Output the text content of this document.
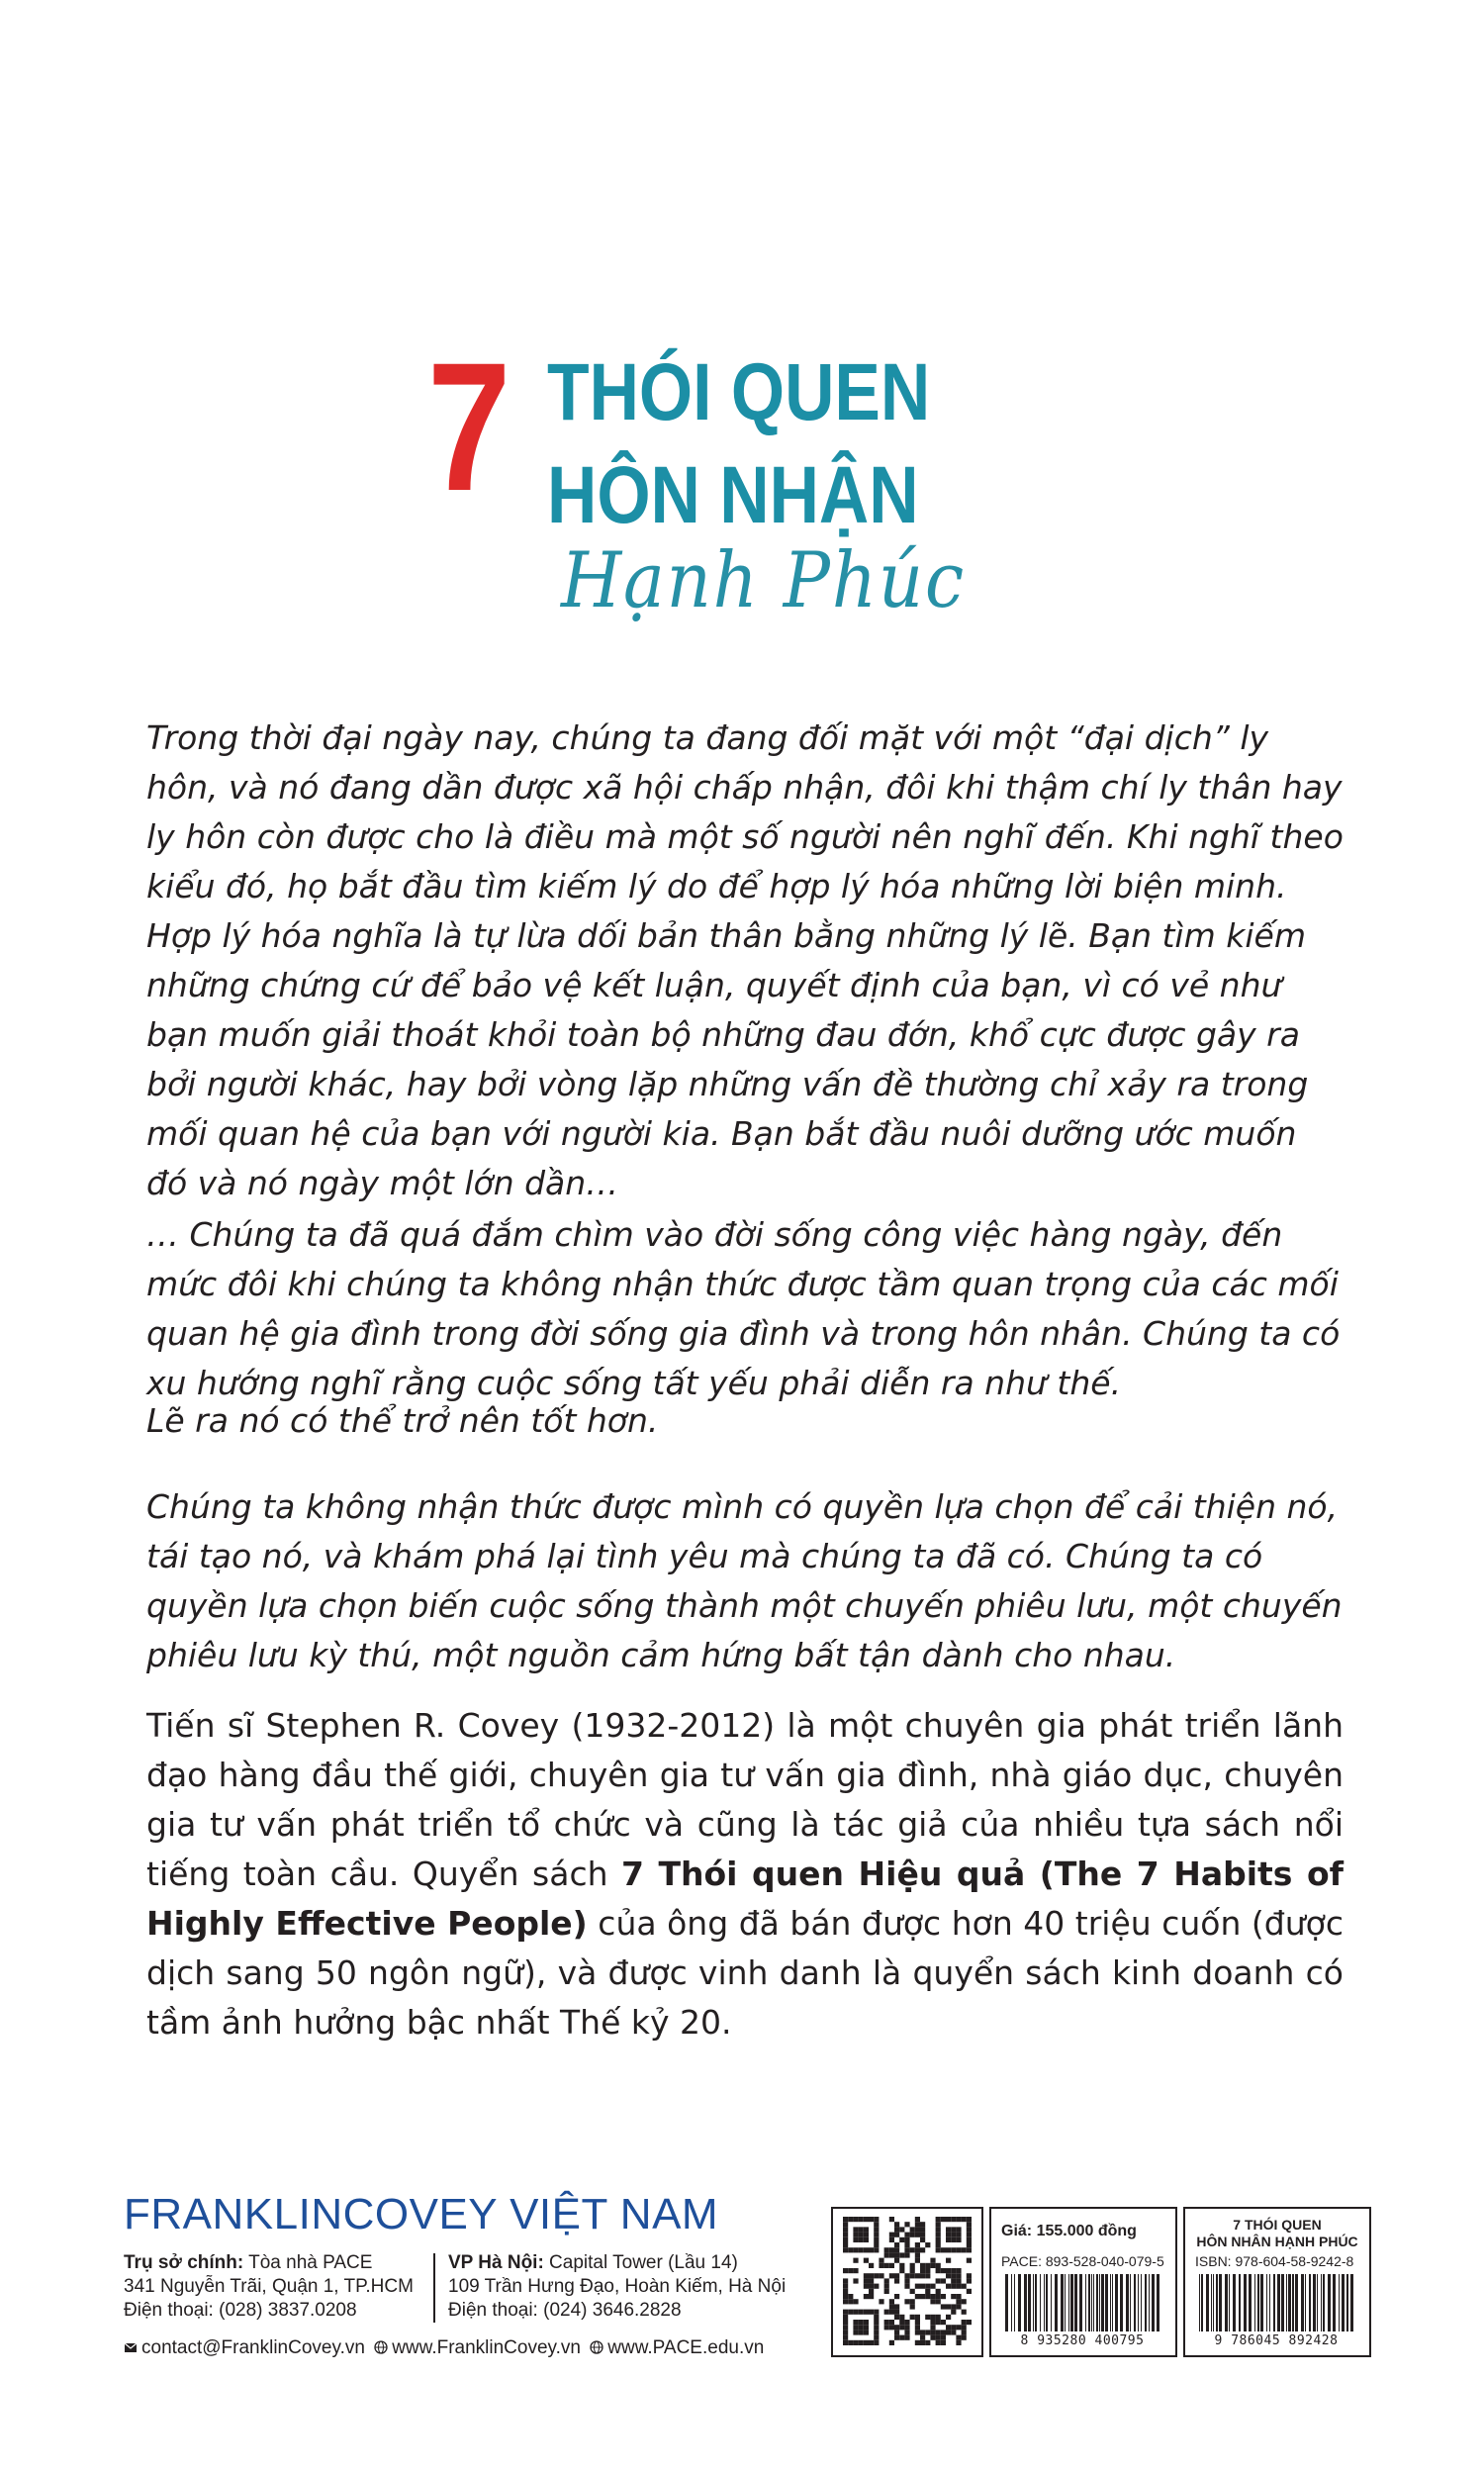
7 THÓI QUEN
HÔN NHẬN
Hạnh Phúc

Trong thời đại ngày nay, chúng ta đang đối mặt với một “đại dịch” ly hôn, và nó đang dần được xã hội chấp nhận, đôi khi thậm chí ly thân hay ly hôn còn được cho là điều mà một số người nên nghĩ đến. Khi nghĩ theo kiểu đó, họ bắt đầu tìm kiếm lý do để hợp lý hóa những lời biện minh. Hợp lý hóa nghĩa là tự lừa dối bản thân bằng những lý lẽ. Bạn tìm kiếm những chứng cứ để bảo vệ kết luận, quyết định của bạn, vì có vẻ như bạn muốn giải thoát khỏi toàn bộ những đau đớn, khổ cực được gây ra bởi người khác, hay bởi vòng lặp những vấn đề thường chỉ xảy ra trong mối quan hệ của bạn với người kia. Bạn bắt đầu nuôi dưỡng ước muốn đó và nó ngày một lớn dần…

… Chúng ta đã quá đắm chìm vào đời sống công việc hàng ngày, đến mức đôi khi chúng ta không nhận thức được tầm quan trọng của các mối quan hệ gia đình trong đời sống gia đình và trong hôn nhân. Chúng ta có xu hướng nghĩ rằng cuộc sống tất yếu phải diễn ra như thế.

Lẽ ra nó có thể trở nên tốt hơn.

Chúng ta không nhận thức được mình có quyền lựa chọn để cải thiện nó, tái tạo nó, và khám phá lại tình yêu mà chúng ta đã có. Chúng ta có quyền lựa chọn biến cuộc sống thành một chuyến phiêu lưu, một chuyến phiêu lưu kỳ thú, một nguồn cảm hứng bất tận dành cho nhau.

Tiến sĩ Stephen R. Covey (1932-2012) là một chuyên gia phát triển lãnh đạo hàng đầu thế giới, chuyên gia tư vấn gia đình, nhà giáo dục, chuyên gia tư vấn phát triển tổ chức và cũng là tác giả của nhiều tựa sách nổi tiếng toàn cầu. Quyển sách 7 Thói quen Hiệu quả (The 7 Habits of Highly Effective People) của ông đã bán được hơn 40 triệu cuốn (được dịch sang 50 ngôn ngữ), và được vinh danh là quyển sách kinh doanh có tầm ảnh hưởng bậc nhất Thế kỷ 20.

FRANKLINCOVEY VIỆT NAM
Trụ sở chính: Tòa nhà PACE
341 Nguyễn Trãi, Quận 1, TP.HCM
Điện thoại: (028) 3837.0208
VP Hà Nội: Capital Tower (Lầu 14)
109 Trần Hưng Đạo, Hoàn Kiếm, Hà Nội
Điện thoại: (024) 3646.2828
contact@FranklinCovey.vn www.FranklinCovey.vn www.PACE.edu.vn
Giá: 155.000 đồng
PACE: 893-528-040-079-5
8 935280 400795
7 THÓI QUEN
HÔN NHÂN HẠNH PHÚC
ISBN: 978-604-58-9242-8
9 786045 892428
